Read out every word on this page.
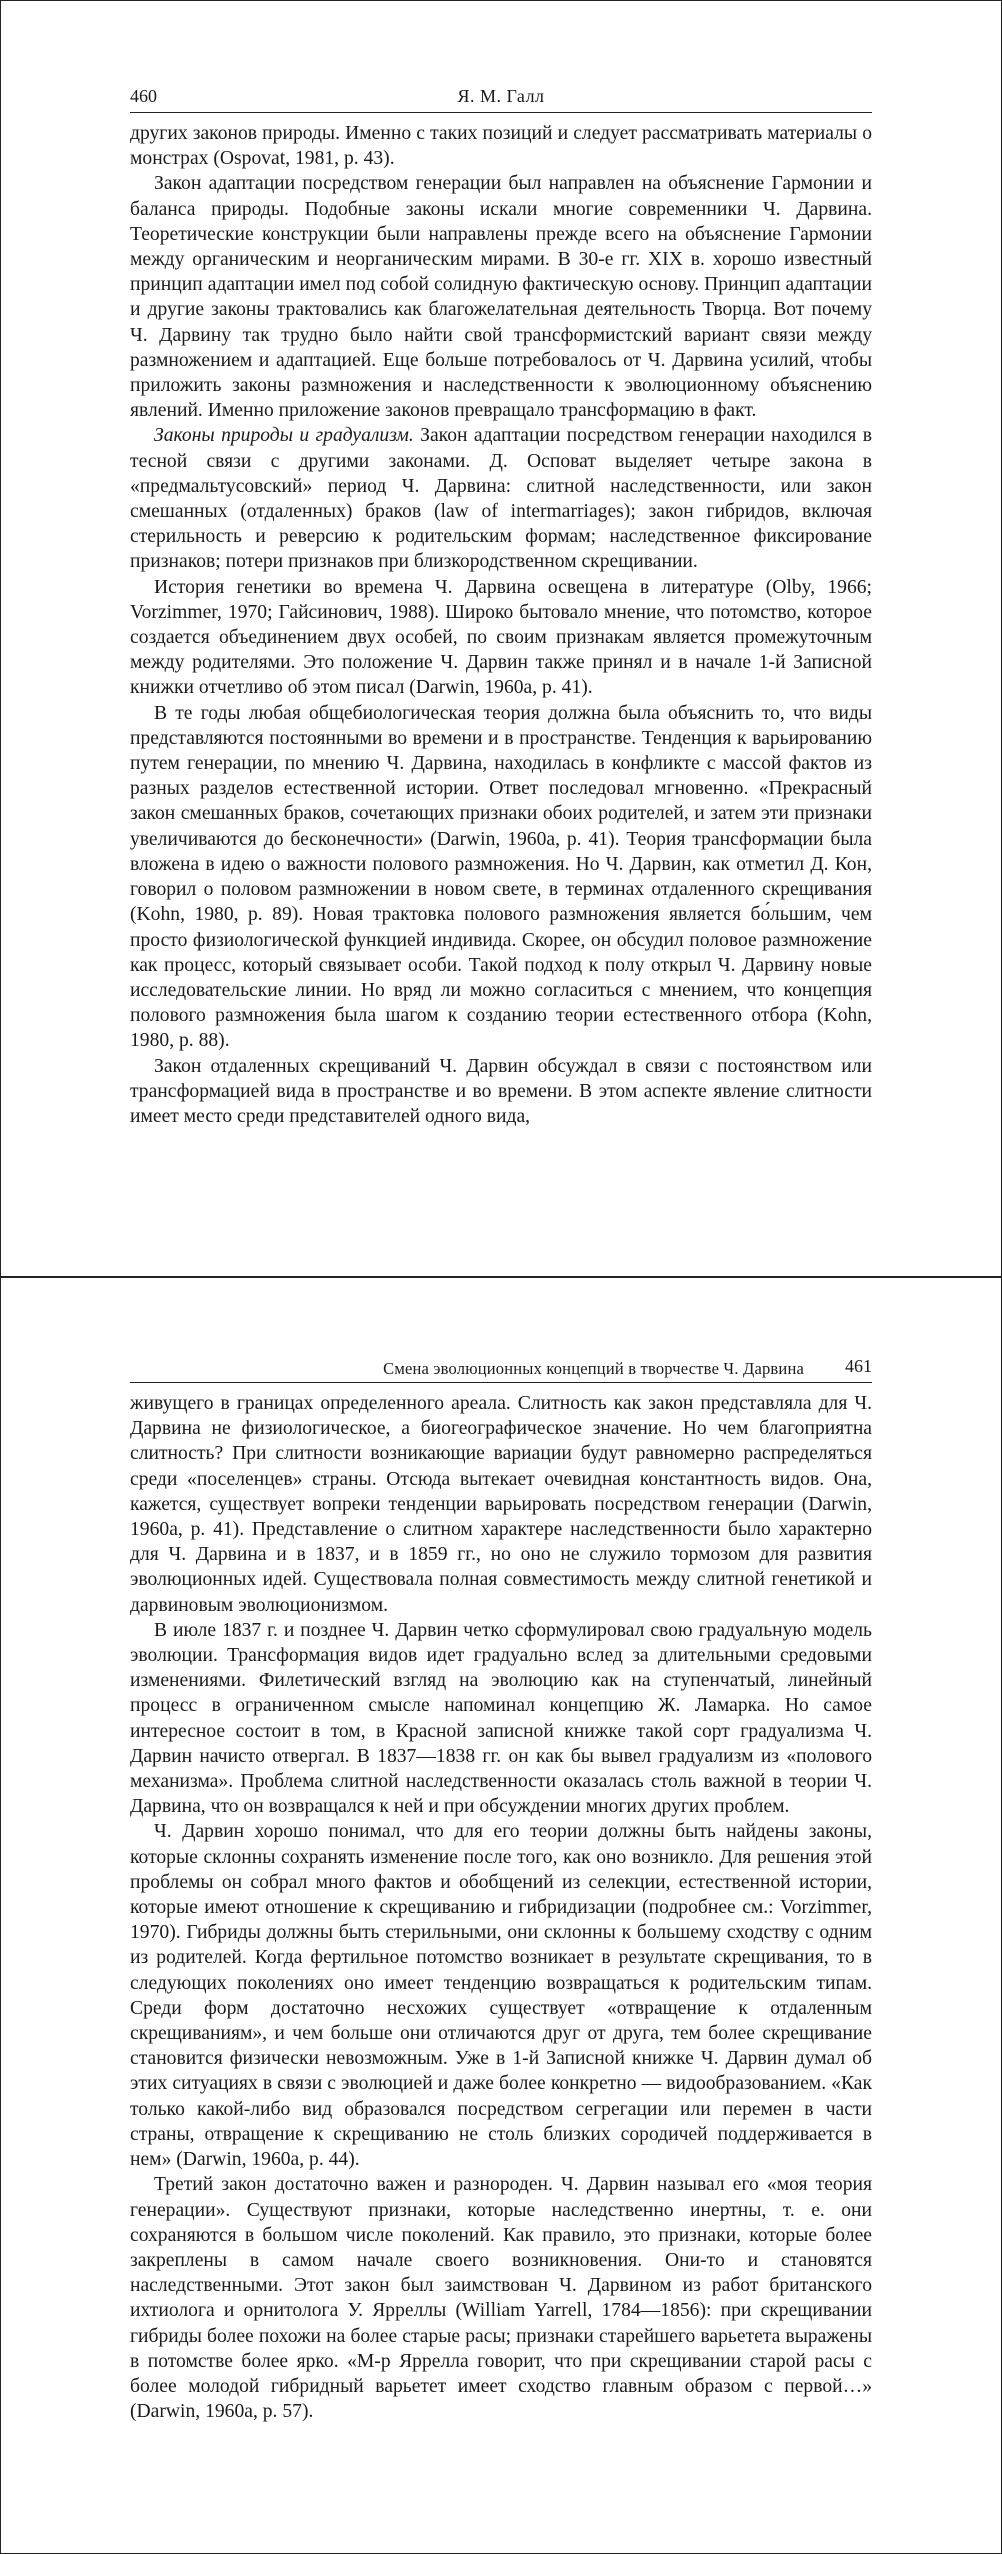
460	Я. М. Галл

других законов природы. Именно с таких позиций и следует рассматривать материалы о монстрах (Ospovat, 1981, p. 43).

Закон адаптации посредством генерации был направлен на объяснение Гармонии и баланса природы. Подобные законы искали многие современники Ч. Дарвина. Теоретические конструкции были направлены прежде всего на объяснение Гармонии между органическим и неорганическим мирами. В 30-е гг. XIX в. хорошо известный принцип адаптации имел под собой солидную фактическую основу. Принцип адаптации и другие законы трактовались как благожелательная деятельность Творца. Вот почему Ч. Дарвину так трудно было найти свой трансформистский вариант связи между размножением и адаптацией. Еще больше потребовалось от Ч. Дарвина усилий, чтобы приложить законы размножения и наследственности к эволюционному объяснению явлений. Именно приложение законов превращало трансформацию в факт.

Законы природы и градуализм. Закон адаптации посредством генерации находился в тесной связи с другими законами. Д. Осповат выделяет четыре закона в «предмальтусовский» период Ч. Дарвина: слитной наследственности, или закон смешанных (отдаленных) браков (law of intermarriages); закон гибридов, включая стерильность и реверсию к родительским формам; наследственное фиксирование признаков; потери признаков при близкородственном скрещивании.

История генетики во времена Ч. Дарвина освещена в литературе (Olby, 1966; Vorzimmer, 1970; Гайсинович, 1988). Широко бытовало мнение, что потомство, которое создается объединением двух особей, по своим признакам является промежуточным между родителями. Это положение Ч. Дарвин также принял и в начале 1-й Записной книжки отчетливо об этом писал (Darwin, 1960a, p. 41).

В те годы любая общебиологическая теория должна была объяснить то, что виды представляются постоянными во времени и в пространстве. Тенденция к варьированию путем генерации, по мнению Ч. Дарвина, находилась в конфликте с массой фактов из разных разделов естественной истории. Ответ последовал мгновенно. «Прекрасный закон смешанных браков, сочетающих признаки обоих родителей, и затем эти признаки увеличиваются до бесконечности» (Darwin, 1960a, p. 41). Теория трансформации была вложена в идею о важности полового размножения. Но Ч. Дарвин, как отметил Д. Кон, говорил о половом размножении в новом свете, в терминах отдаленного скрещивания (Kohn, 1980, p. 89). Новая трактовка полового размножения является бо́льшим, чем просто физиологической функцией индивида. Скорее, он обсудил половое размножение как процесс, который связывает особи. Такой подход к полу открыл Ч. Дарвину новые исследовательские линии. Но вряд ли можно согласиться с мнением, что концепция полового размножения была шагом к созданию теории естественного отбора (Kohn, 1980, p. 88).

Закон отдаленных скрещиваний Ч. Дарвин обсуждал в связи с постоянством или трансформацией вида в пространстве и во времени. В этом аспекте явление слитности имеет место среди представителей одного вида,

Смена эволюционных концепций в творчестве Ч. Дарвина 461

живущего в границах определенного ареала. Слитность как закон представляла для Ч. Дарвина не физиологическое, а биогеографическое значение. Но чем благоприятна слитность? При слитности возникающие вариации будут равномерно распределяться среди «поселенцев» страны. Отсюда вытекает очевидная константность видов. Она, кажется, существует вопреки тенденции варьировать посредством генерации (Darwin, 1960a, p. 41). Представление о слитном характере наследственности было характерно для Ч. Дарвина и в 1837, и в 1859 гг., но оно не служило тормозом для развития эволюционных идей. Существовала полная совместимость между слитной генетикой и дарвиновым эволюционизмом.

В июле 1837 г. и позднее Ч. Дарвин четко сформулировал свою градуальную модель эволюции. Трансформация видов идет градуально вслед за длительными средовыми изменениями. Филетический взгляд на эволюцию как на ступенчатый, линейный процесс в ограниченном смысле напоминал концепцию Ж. Ламарка. Но самое интересное состоит в том, в Красной записной книжке такой сорт градуализма Ч. Дарвин начисто отвергал. В 1837—1838 гг. он как бы вывел градуализм из «полового механизма». Проблема слитной наследственности оказалась столь важной в теории Ч. Дарвина, что он возвращался к ней и при обсуждении многих других проблем.

Ч. Дарвин хорошо понимал, что для его теории должны быть найдены законы, которые склонны сохранять изменение после того, как оно возникло. Для решения этой проблемы он собрал много фактов и обобщений из селекции, естественной истории, которые имеют отношение к скрещиванию и гибридизации (подробнее см.: Vorzimmer, 1970). Гибриды должны быть стерильными, они склонны к большему сходству с одним из родителей. Когда фертильное потомство возникает в результате скрещивания, то в следующих поколениях оно имеет тенденцию возвращаться к родительским типам. Среди форм достаточно несхожих существует «отвращение к отдаленным скрещиваниям», и чем больше они отличаются друг от друга, тем более скрещивание становится физически невозможным. Уже в 1-й Записной книжке Ч. Дарвин думал об этих ситуациях в связи с эволюцией и даже более конкретно — видообразованием. «Как только какой-либо вид образовался посредством сегрегации или перемен в части страны, отвращение к скрещиванию не столь близких сородичей поддерживается в нем» (Darwin, 1960a, p. 44).

Третий закон достаточно важен и разнороден. Ч. Дарвин называл его «моя теория генерации». Существуют признаки, которые наследственно инертны, т. е. они сохраняются в большом числе поколений. Как правило, это признаки, которые более закреплены в самом начале своего возникновения. Они-то и становятся наследственными. Этот закон был заимствован Ч. Дарвином из работ британского ихтиолога и орнитолога У. Ярреллы (William Yarrell, 1784—1856): при скрещивании гибриды более похожи на более старые расы; признаки старейшего варьетета выражены в потомстве более ярко. «М-р Ярреллa говорит, что при скрещивании старой расы с более молодой гибридный варьетет имеет сходство главным образом с первой…» (Darwin, 1960a, p. 57).
